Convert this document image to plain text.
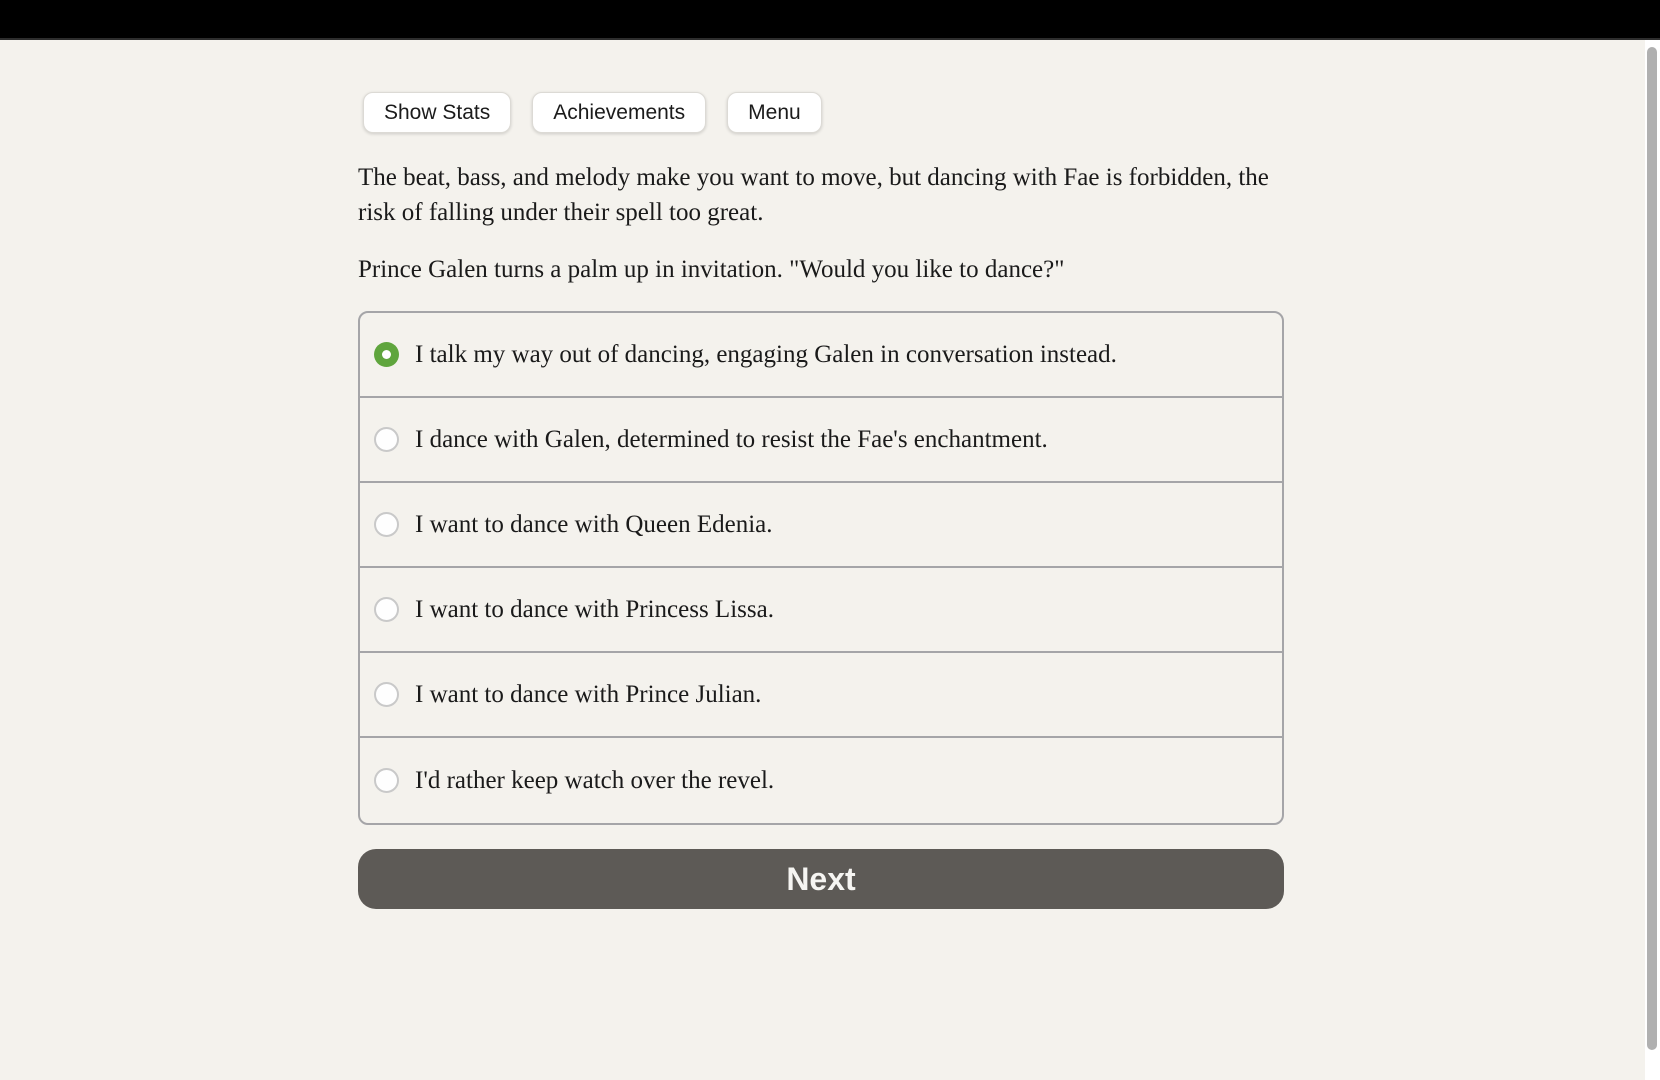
Show Stats	Achievements	Menu

The beat, bass, and melody make you want to move, but dancing with Fae is forbidden, the risk of falling under their spell too great.

Prince Galen turns a palm up in invitation. "Would you like to dance?"

I talk my way out of dancing, engaging Galen in conversation instead.
I dance with Galen, determined to resist the Fae's enchantment.
I want to dance with Queen Edenia.
I want to dance with Princess Lissa.
I want to dance with Prince Julian.
I'd rather keep watch over the revel.
Next
